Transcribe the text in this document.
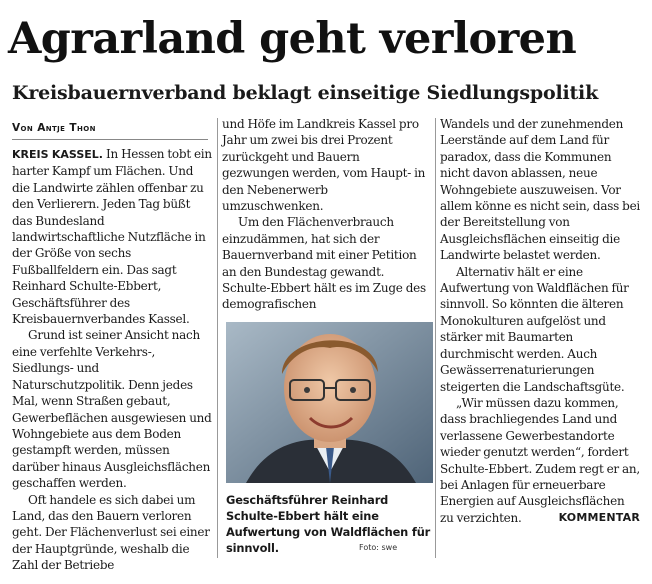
Agrarland geht verloren
Kreisbauernverband beklagt einseitige Siedlungspolitik
Von Antje Thon

KREIS KASSEL. In Hessen tobt ein harter Kampf um Flächen. Und die Landwirte zählen offenbar zu den Verlierern. Jeden Tag büßt das Bundesland landwirtschaftliche Nutzfläche in der Größe von sechs Fußballfeldern ein. Das sagt Reinhard Schulte-Ebbert, Geschäftsführer des Kreisbauernverbandes Kassel.

Grund ist seiner Ansicht nach eine verfehlte Verkehrs-, Siedlungs- und Naturschutzpolitik. Denn jedes Mal, wenn Straßen gebaut, Gewerbeflächen ausgewiesen und Wohngebiete aus dem Boden gestampft werden, müssen darüber hinaus Ausgleichsflächen geschaffen werden.

Oft handele es sich dabei um Land, das den Bauern verloren geht. Der Flächenverlust sei einer der Hauptgründe, weshalb die Zahl der Betriebe

und Höfe im Landkreis Kassel pro Jahr um zwei bis drei Prozent zurückgeht und Bauern gezwungen werden, vom Haupt- in den Nebenerwerb umzuschwenken.

Um den Flächenverbrauch einzudämmen, hat sich der Bauernverband mit einer Petition an den Bundestag gewandt. Schulte-Ebbert hält es im Zuge des demografischen

Geschäftsführer Reinhard Schulte-Ebbert hält eine Aufwertung von Waldflächen für sinnvoll.	Foto: swe

Wandels und der zunehmenden Leerstände auf dem Land für paradox, dass die Kommunen nicht davon ablassen, neue Wohngebiete auszuweisen. Vor allem könne es nicht sein, dass bei der Bereitstellung von Ausgleichsflächen einseitig die Landwirte belastet werden.

Alternativ hält er eine Aufwertung von Waldflächen für sinnvoll. So könnten die älteren Monokulturen aufgelöst und stärker mit Baumarten durchmischt werden. Auch Gewässerrenaturierungen steigerten die Landschaftsgüte.

„Wir müssen dazu kommen, dass brachliegendes Land und verlassene Gewerbestandorte wieder genutzt werden“, fordert Schulte-Ebbert. Zudem regt er an, bei Anlagen für erneuerbare Energien auf Ausgleichsflächen zu verzichten.	KOMMENTAR
